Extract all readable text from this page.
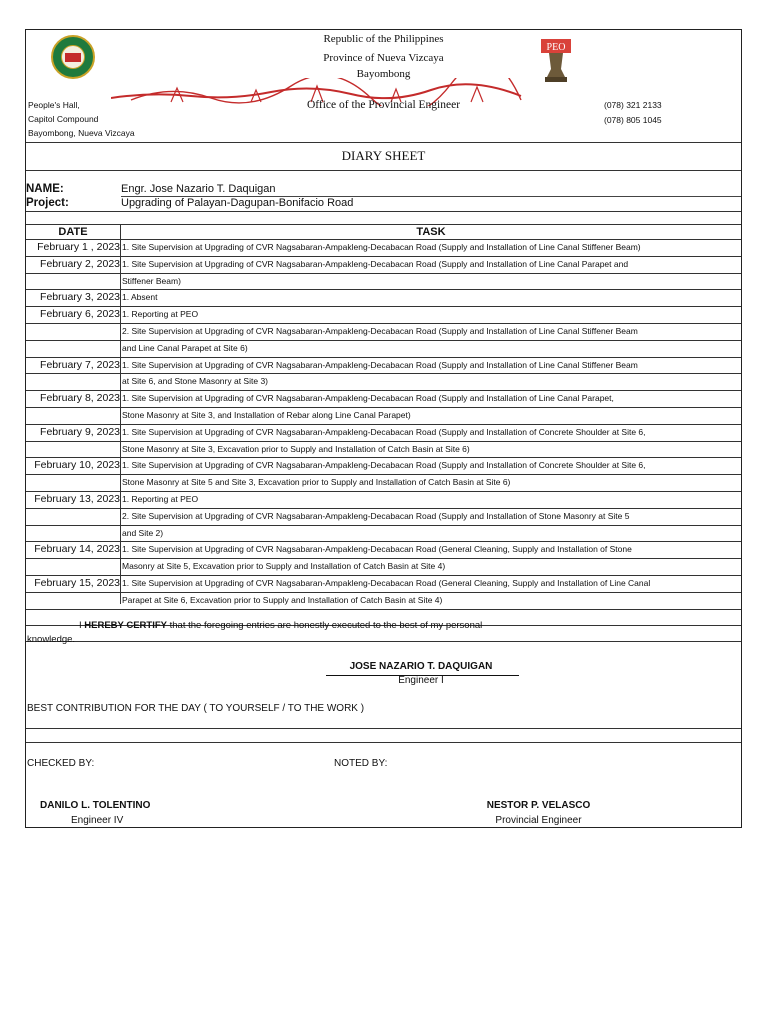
PEO
Republic of the Philippines
Province of Nueva Vizcaya
Bayombong
Office of the Provincial Engineer
People's Hall,
Capitol Compound
Bayombong, Nueva Vizcaya
(078) 321 2133
(078) 805 1045
DIARY SHEET
NAME:	Engr. Jose Nazario T. Daquigan
Project:	Upgrading of Palayan-Dagupan-Bonifacio Road
DATE	TASK
February 1 , 2023 1. Site Supervision at Upgrading of CVR Nagsabaran-Ampakleng-Decabacan Road (Supply and Installation of Line Canal Stiffener Beam)
February 2, 2023 1. Site Supervision at Upgrading of CVR Nagsabaran-Ampakleng-Decabacan Road (Supply and Installation of Line Canal Parapet and
Stiffener Beam)
February 3, 2023 1. Absent
February 6, 2023 1. Reporting at PEO
2. Site Supervision at Upgrading of CVR Nagsabaran-Ampakleng-Decabacan Road (Supply and Installation of Line Canal Stiffener Beam
and Line Canal Parapet at Site 6)
February 7, 2023 1. Site Supervision at Upgrading of CVR Nagsabaran-Ampakleng-Decabacan Road (Supply and Installation of Line Canal Stiffener Beam
at Site 6, and Stone Masonry at Site 3)
February 8, 2023 1. Site Supervision at Upgrading of CVR Nagsabaran-Ampakleng-Decabacan Road (Supply and Installation of Line Canal Parapet,
Stone Masonry at Site 3, and Installation of Rebar along Line Canal Parapet)
February 9, 2023 1. Site Supervision at Upgrading of CVR Nagsabaran-Ampakleng-Decabacan Road (Supply and Installation of Concrete Shoulder at Site 6,
Stone Masonry at Site 3, Excavation prior to Supply and Installation of Catch Basin at Site 6)
February 10, 2023 1. Site Supervision at Upgrading of CVR Nagsabaran-Ampakleng-Decabacan Road (Supply and Installation of Concrete Shoulder at Site 6,
Stone Masonry at Site 5 and Site 3, Excavation prior to Supply and Installation of Catch Basin at Site 6)
February 13, 2023 1. Reporting at PEO
2. Site Supervision at Upgrading of CVR Nagsabaran-Ampakleng-Decabacan Road (Supply and Installation of Stone Masonry at Site 5
and Site 2)
February 14, 2023 1. Site Supervision at Upgrading of CVR Nagsabaran-Ampakleng-Decabacan Road (General Cleaning, Supply and Installation of Stone
Masonry at Site 5, Excavation prior to Supply and Installation of Catch Basin at Site 4)
February 15, 2023 1. Site Supervision at Upgrading of CVR Nagsabaran-Ampakleng-Decabacan Road (General Cleaning, Supply and Installation of Line Canal
Parapet at Site 6, Excavation prior to Supply and Installation of Catch Basin at Site 4)
I HEREBY CERTIFY that the foregoing entries are honestly executed to the best of my personal
knowledge.
JOSE NAZARIO T. DAQUIGAN
Engineer I
BEST CONTRIBUTION FOR THE DAY ( TO YOURSELF / TO THE WORK )
CHECKED BY:	NOTED BY:
DANILO L. TOLENTINO
Engineer IV
NESTOR P. VELASCO
Provincial Engineer
